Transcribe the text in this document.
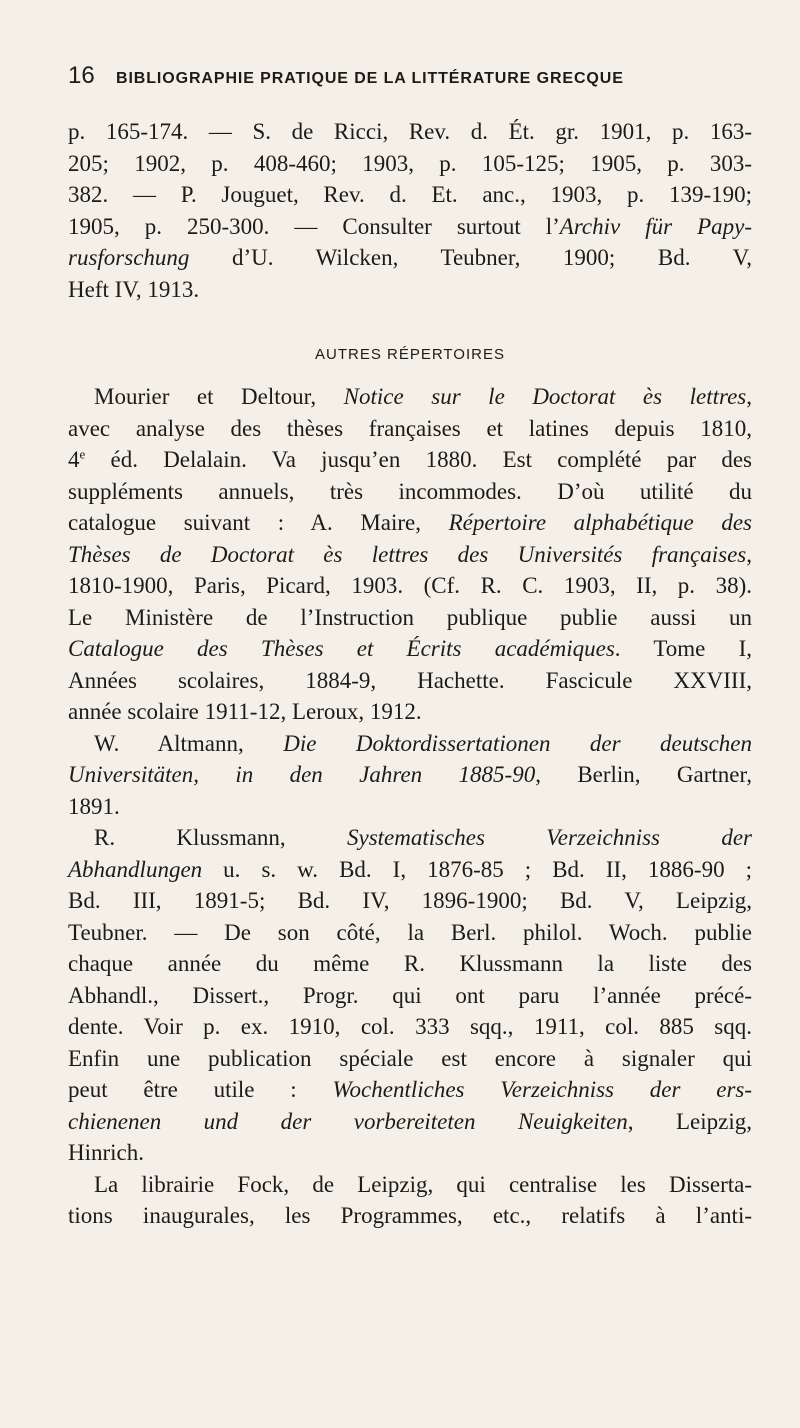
16	BIBLIOGRAPHIE PRATIQUE DE LA LITTÉRATURE GRECQUE
p. 165-174. — S. de Ricci, Rev. d. Ét. gr. 1901, p. 163-
205; 1902, p. 408-460; 1903, p. 105-125; 1905, p. 303-
382. — P. Jouguet, Rev. d. Et. anc., 1903, p. 139-190;
1905, p. 250-300. — Consulter surtout l’Archiv für Papy-
rusforschung d’U. Wilcken, Teubner, 1900; Bd. V,
Heft IV, 1913.
AUTRES RÉPERTOIRES
Mourier et Deltour, Notice sur le Doctorat ès lettres,
avec analyse des thèses françaises et latines depuis 1810,
4e éd. Delalain. Va jusqu’en 1880. Est complété par des
suppléments annuels, très incommodes. D’où utilité du
catalogue suivant : A. Maire, Répertoire alphabétique des
Thèses de Doctorat ès lettres des Universités françaises,
1810-1900, Paris, Picard, 1903. (Cf. R. C. 1903, II, p. 38).
Le Ministère de l’Instruction publique publie aussi un
Catalogue des Thèses et Écrits académiques. Tome I,
Années scolaires, 1884-9, Hachette. Fascicule XXVIII,
année scolaire 1911-12, Leroux, 1912.
W. Altmann, Die Doktordissertationen der deutschen
Universitäten, in den Jahren 1885-90, Berlin, Gartner,
1891.
R. Klussmann, Systematisches Verzeichniss der
Abhandlungen u. s. w. Bd. I, 1876-85 ; Bd. II, 1886-90 ;
Bd. III, 1891-5; Bd. IV, 1896-1900; Bd. V, Leipzig,
Teubner. — De son côté, la Berl. philol. Woch. publie
chaque année du même R. Klussmann la liste des
Abhandl., Dissert., Progr. qui ont paru l’année précé-
dente. Voir p. ex. 1910, col. 333 sqq., 1911, col. 885 sqq.
Enfin une publication spéciale est encore à signaler qui
peut être utile : Wochentliches Verzeichniss der ers-
chienenen und der vorbereiteten Neuigkeiten, Leipzig,
Hinrich.
La librairie Fock, de Leipzig, qui centralise les Disserta-
tions inaugurales, les Programmes, etc., relatifs à l’anti-
